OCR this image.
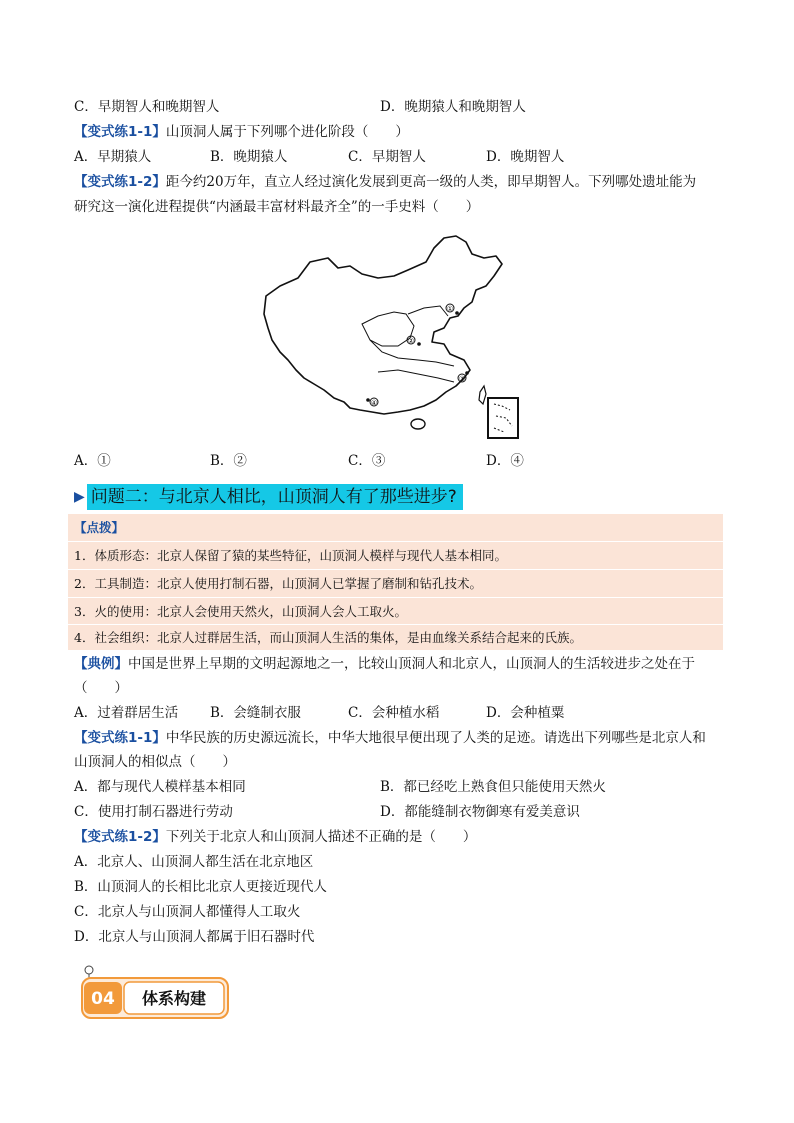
C．早期智人和晚期智人	D．晚期猿人和晚期智人
【变式练1-1】山顶洞人属于下列哪个进化阶段（　　）
A．早期猿人	B．晚期猿人	C．早期智人	D．晚期智人
【变式练1-2】距今约20万年，直立人经过演化发展到更高一级的人类，即早期智人。下列哪处遗址能为
研究这一演化进程提供“内涵最丰富材料最齐全”的一手史料（　　）
①
②
③
④
A．①	B．②	C．③	D．④
▶ 问题二：与北京人相比，山顶洞人有了那些进步?
【点拨】
1．体质形态：北京人保留了猿的某些特征，山顶洞人模样与现代人基本相同。
2．工具制造：北京人使用打制石器，山顶洞人已掌握了磨制和钻孔技术。
3．火的使用：北京人会使用天然火，山顶洞人会人工取火。
4．社会组织：北京人过群居生活，而山顶洞人生活的集体，是由血缘关系结合起来的氏族。
【典例】中国是世界上早期的文明起源地之一，比较山顶洞人和北京人，山顶洞人的生活较进步之处在于
（　　）
A．过着群居生活 B．会缝制衣服	C．会种植水稻	D．会种植粟
【变式练1-1】中华民族的历史源远流长，中华大地很早便出现了人类的足迹。请选出下列哪些是北京人和
山顶洞人的相似点（　　）
A．都与现代人模样基本相同	B．都已经吃上熟食但只能使用天然火
C．使用打制石器进行劳动	D．都能缝制衣物御寒有爱美意识
【变式练1-2】下列关于北京人和山顶洞人描述不正确的是（　　）
A．北京人、山顶洞人都生活在北京地区
B．山顶洞人的长相比北京人更接近现代人
C．北京人与山顶洞人都懂得人工取火
D．北京人与山顶洞人都属于旧石器时代
04 体系构建
